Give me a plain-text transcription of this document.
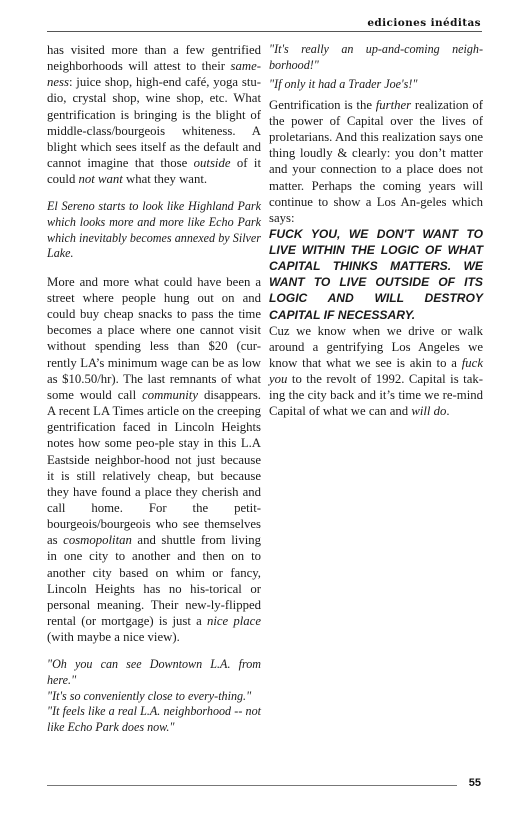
ediciones inéditas

has visited more than a few gentrified neighborhoods will attest to their same-ness: juice shop, high-end café, yoga stu-dio, crystal shop, wine shop, etc. What gentrification is bringing is the blight of middle-class/bourgeois whiteness. A blight which sees itself as the default and cannot imagine that those outside of it could not want what they want.

El Sereno starts to look like Highland Park which looks more and more like Echo Park which inevitably becomes annexed by Silver Lake.

More and more what could have been a street where people hung out on and could buy cheap snacks to pass the time becomes a place where one cannot visit without spending less than $20 (cur-rently LA’s minimum wage can be as low as $10.50/hr). The last remnants of what some would call community disappears. A recent LA Times article on the creeping gentrification faced in Lincoln Heights notes how some peo-ple stay in this L.A Eastside neighbor-hood not just because it is still relatively cheap, but because they have found a place they cherish and call home. For the petit-bourgeois/bourgeois who see themselves as cosmopolitan and shuttle from living in one city to another and then on to another city based on whim or fancy, Lincoln Heights has no his-torical or personal meaning. Their new-ly-flipped rental (or mortgage) is just a nice place (with maybe a nice view).

"Oh you can see Downtown L.A. from here."

"It's so conveniently close to every-thing."

"It feels like a real L.A. neighborhood -- not like Echo Park does now."

"It's really an up-and-coming neigh-borhood!"

"If only it had a Trader Joe's!"

Gentrification is the further realization of the power of Capital over the lives of proletarians. And this realization says one thing loudly & clearly: you don’t matter and your connection to a place does not matter. Perhaps the coming years will continue to show a Los An-geles which says:

FUCK YOU, WE DON'T WANT TO LIVE WITHIN THE LOGIC OF WHAT CAPITAL THINKS MATTERS. WE WANT TO LIVE OUTSIDE OF ITS LOGIC AND WILL DESTROY CAPITAL IF NECESSARY.

Cuz we know when we drive or walk around a gentrifying Los Angeles we know that what we see is akin to a fuck you to the revolt of 1992. Capital is tak-ing the city back and it’s time we re-mind Capital of what we can and will do.

55
